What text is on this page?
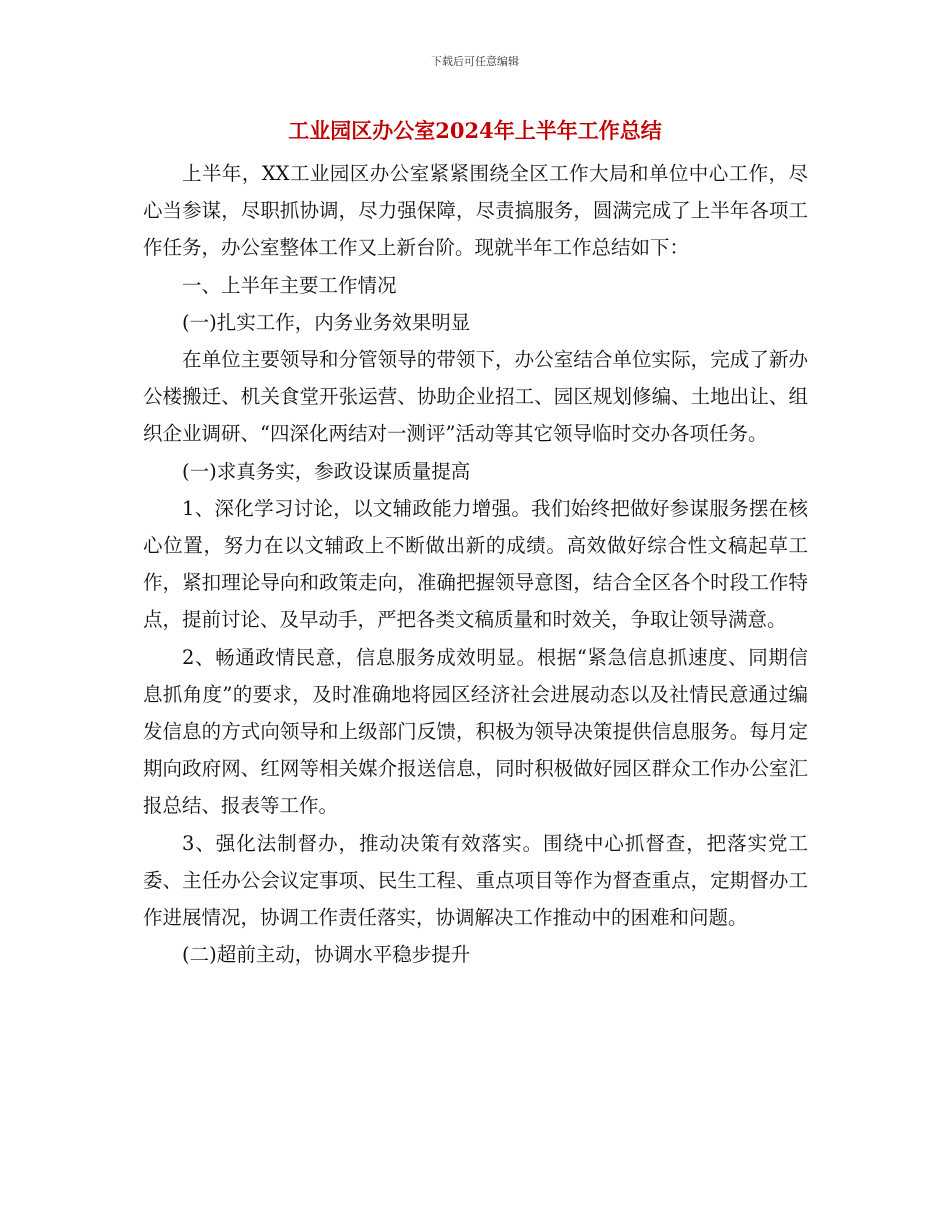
下载后可任意编辑
工业园区办公室2024年上半年工作总结

上半年，XX工业园区办公室紧紧围绕全区工作大局和单位中心工作，尽心当参谋，尽职抓协调，尽力强保障，尽责搞服务，圆满完成了上半年各项工作任务，办公室整体工作又上新台阶。现就半年工作总结如下：

一、上半年主要工作情况

(一)扎实工作，内务业务效果明显

在单位主要领导和分管领导的带领下，办公室结合单位实际，完成了新办公楼搬迁、机关食堂开张运营、协助企业招工、园区规划修编、土地出让、组织企业调研、“四深化两结对一测评”活动等其它领导临时交办各项任务。

(一)求真务实，参政设谋质量提高

1、深化学习讨论，以文辅政能力增强。我们始终把做好参谋服务摆在核心位置，努力在以文辅政上不断做出新的成绩。高效做好综合性文稿起草工作，紧扣理论导向和政策走向，准确把握领导意图，结合全区各个时段工作特点，提前讨论、及早动手，严把各类文稿质量和时效关，争取让领导满意。

2、畅通政情民意，信息服务成效明显。根据“紧急信息抓速度、同期信息抓角度”的要求，及时准确地将园区经济社会进展动态以及社情民意通过编发信息的方式向领导和上级部门反馈，积极为领导决策提供信息服务。每月定期向政府网、红网等相关媒介报送信息，同时积极做好园区群众工作办公室汇报总结、报表等工作。

3、强化法制督办，推动决策有效落实。围绕中心抓督查，把落实党工委、主任办公会议定事项、民生工程、重点项目等作为督查重点，定期督办工作进展情况，协调工作责任落实，协调解决工作推动中的困难和问题。

(二)超前主动，协调水平稳步提升
